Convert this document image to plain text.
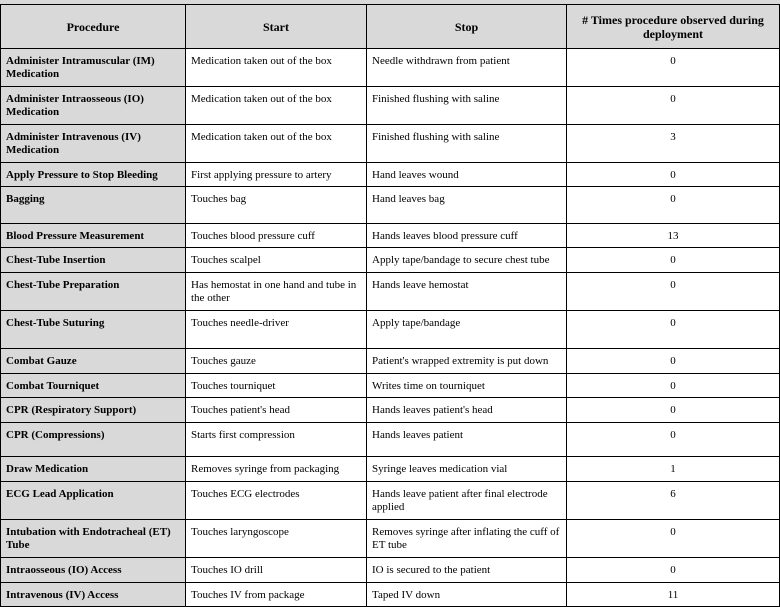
Procedure	Start	Stop	# Times procedure observed during deployment
Administer Intramuscular (IM) Medication	Medication taken out of the box	Needle withdrawn from patient	0
Administer Intraosseous (IO) Medication	Medication taken out of the box	Finished flushing with saline	0
Administer Intravenous (IV) Medication	Medication taken out of the box	Finished flushing with saline	3
Apply Pressure to Stop Bleeding	First applying pressure to artery	Hand leaves wound	0
Bagging	Touches bag	Hand leaves bag	0
Blood Pressure Measurement	Touches blood pressure cuff	Hands leaves blood pressure cuff	13
Chest-Tube Insertion	Touches scalpel	Apply tape/bandage to secure chest tube	0
Chest-Tube Preparation	Has hemostat in one hand and tube in the other	Hands leave hemostat	0
Chest-Tube Suturing	Touches needle-driver	Apply tape/bandage	0
Combat Gauze	Touches gauze	Patient's wrapped extremity is put down	0
Combat Tourniquet	Touches tourniquet	Writes time on tourniquet	0
CPR (Respiratory Support)	Touches patient's head	Hands leaves patient's head	0
CPR (Compressions)	Starts first compression	Hands leaves patient	0
Draw Medication	Removes syringe from packaging	Syringe leaves medication vial	1
ECG Lead Application	Touches ECG electrodes	Hands leave patient after final electrode applied	6
Intubation with Endotracheal (ET) Tube	Touches laryngoscope	Removes syringe after inflating the cuff of ET tube	0
Intraosseous (IO) Access	Touches IO drill	IO is secured to the patient	0
Intravenous (IV) Access	Touches IV from package	Taped IV down	11
